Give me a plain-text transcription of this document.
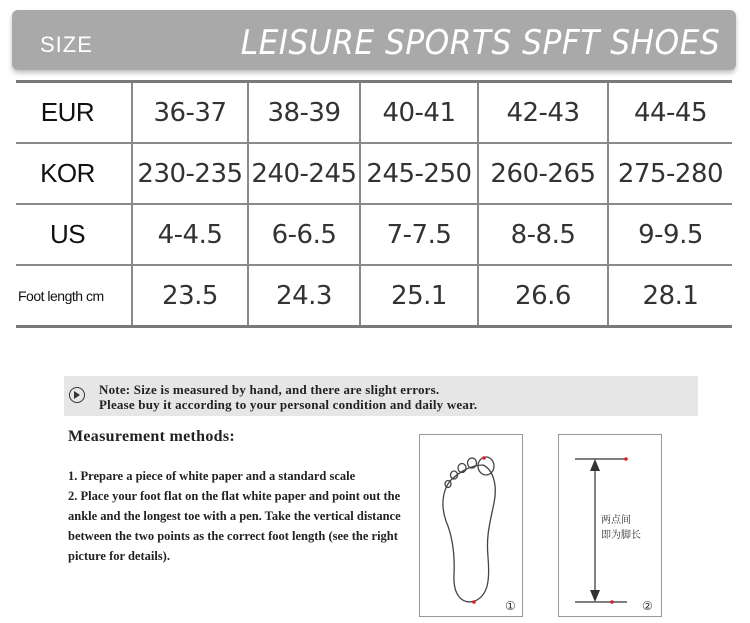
SIZE	LEISURE SPORTS SPFT SHOES
EUR	36-37	38-39	40-41	42-43	44-45
KOR	230-235	240-245	245-250	260-265	275-280
US	4-4.5	6-6.5	7-7.5	8-8.5	9-9.5
Foot length cm	23.5	24.3	25.1	26.6	28.1
Note: Size is measured by hand, and there are slight errors.
Please buy it according to your personal condition and daily wear.
Measurement methods:

1. Prepare a piece of white paper and a standard scale

2. Place your foot flat on the flat white paper and point out the ankle and the longest toe with a pen. Take the vertical distance between the two points as the correct foot length (see the right picture for details).

①
两点间
即为脚长
②
